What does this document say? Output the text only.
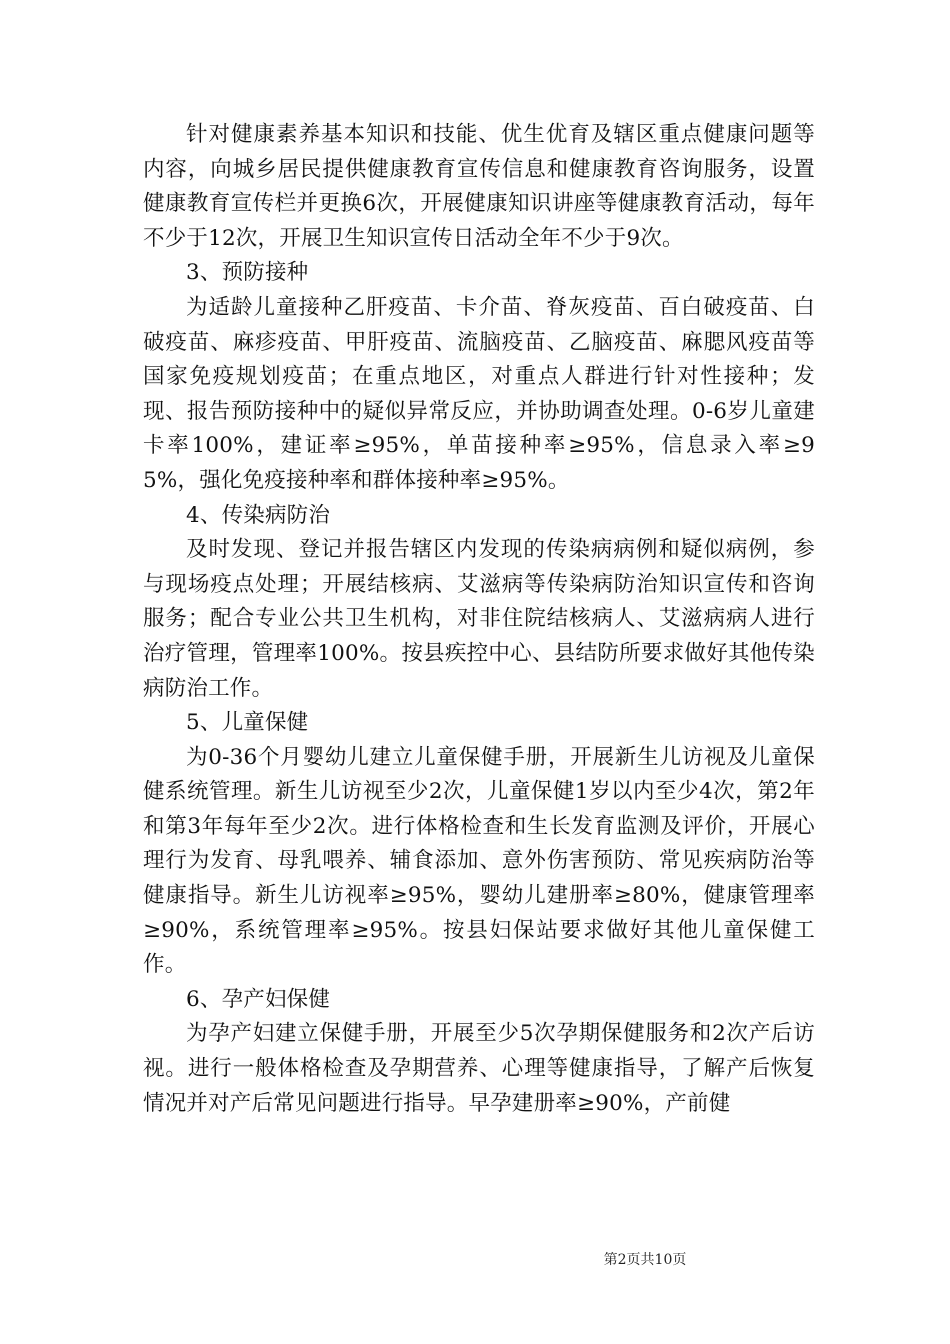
针对健康素养基本知识和技能、优生优育及辖区重点健康问题等内容，向城乡居民提供健康教育宣传信息和健康教育咨询服务，设置健康教育宣传栏并更换6次，开展健康知识讲座等健康教育活动，每年不少于12次，开展卫生知识宣传日活动全年不少于9次。

3、预防接种

为适龄儿童接种乙肝疫苗、卡介苗、脊灰疫苗、百白破疫苗、白破疫苗、麻疹疫苗、甲肝疫苗、流脑疫苗、乙脑疫苗、麻腮风疫苗等国家免疫规划疫苗；在重点地区，对重点人群进行针对性接种；发现、报告预防接种中的疑似异常反应，并协助调查处理。0-6岁儿童建卡率100%，建证率≥95%，单苗接种率≥95%，信息录入率≥95%，强化免疫接种率和群体接种率≥95%。

4、传染病防治

及时发现、登记并报告辖区内发现的传染病病例和疑似病例，参与现场疫点处理；开展结核病、艾滋病等传染病防治知识宣传和咨询服务；配合专业公共卫生机构，对非住院结核病人、艾滋病病人进行治疗管理，管理率100%。按县疾控中心、县结防所要求做好其他传染病防治工作。

5、儿童保健

为0-36个月婴幼儿建立儿童保健手册，开展新生儿访视及儿童保健系统管理。新生儿访视至少2次，儿童保健1岁以内至少4次，第2年和第3年每年至少2次。进行体格检查和生长发育监测及评价，开展心理行为发育、母乳喂养、辅食添加、意外伤害预防、常见疾病防治等健康指导。新生儿访视率≥95%，婴幼儿建册率≥80%，健康管理率≥90%，系统管理率≥95%。按县妇保站要求做好其他儿童保健工作。

6、孕产妇保健

为孕产妇建立保健手册，开展至少5次孕期保健服务和2次产后访视。进行一般体格检查及孕期营养、心理等健康指导，了解产后恢复情况并对产后常见问题进行指导。早孕建册率≥90%，产前健

第2页共10页
